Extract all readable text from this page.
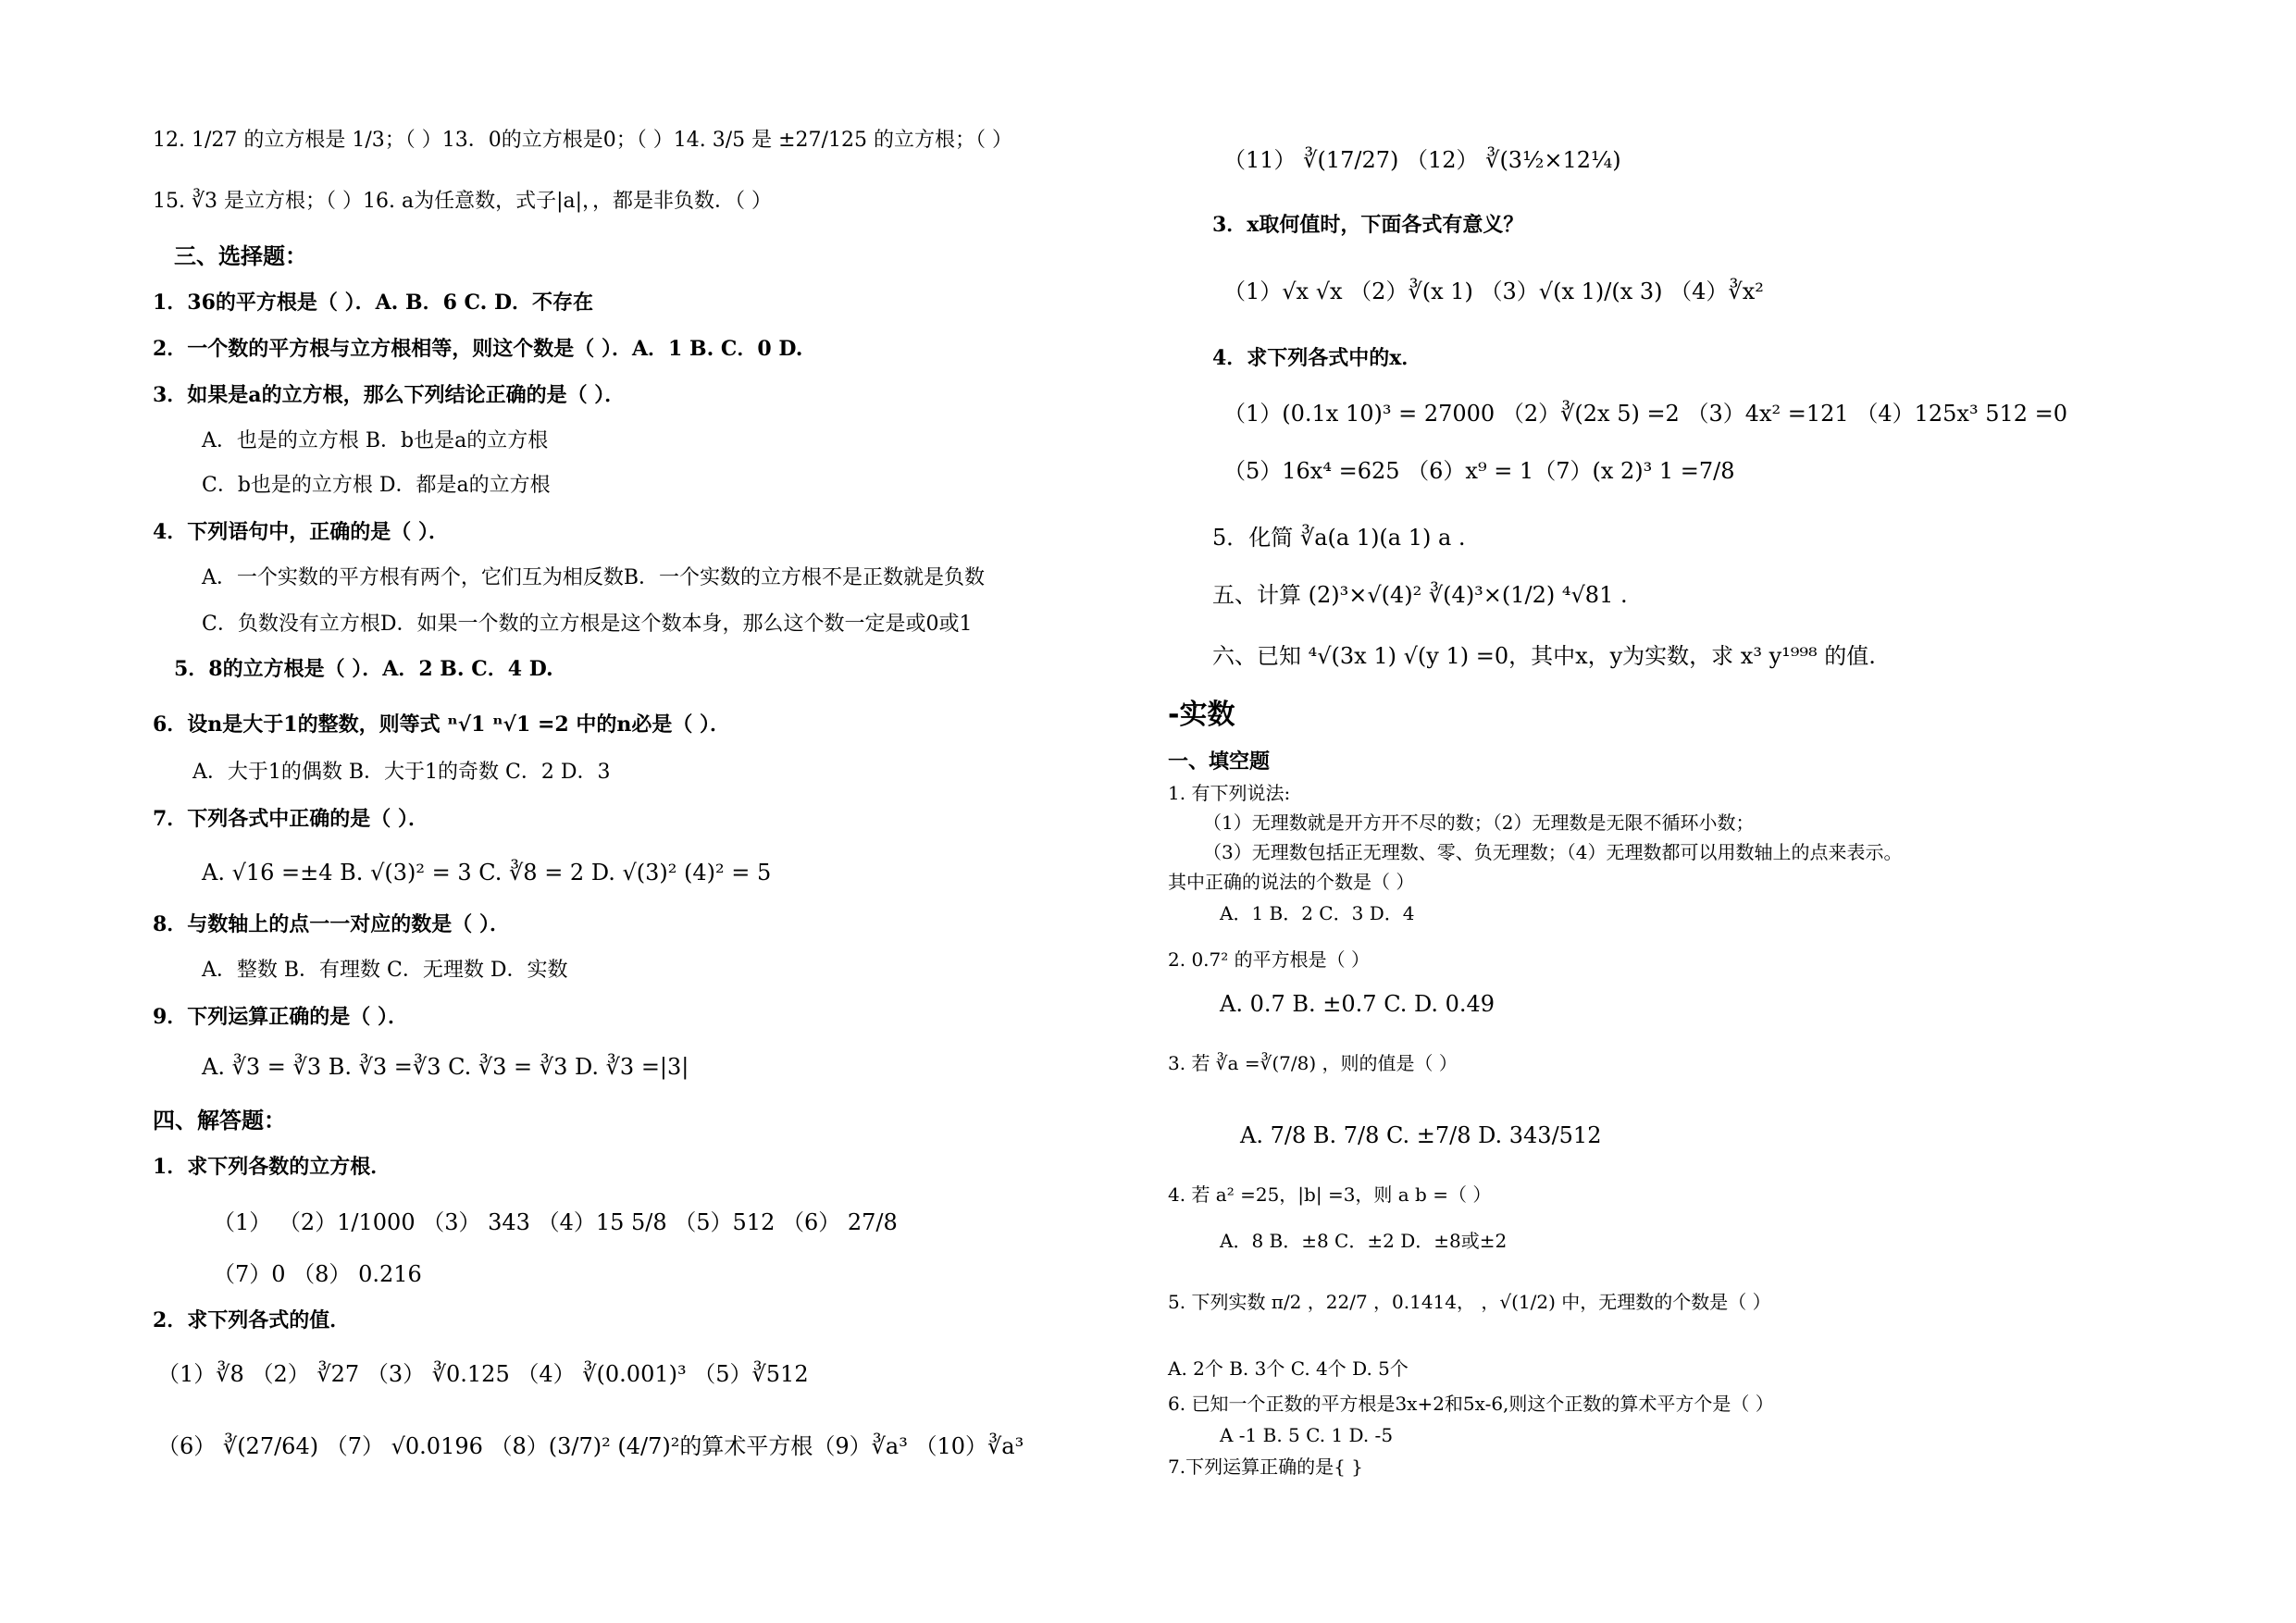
12. 1/27 的立方根是 1/3；（ ）13．0的立方根是0；（ ）14. 3/5 是 ±27/125 的立方根；（ ）
15. ∛3 是立方根；（ ）16. a为任意数，式子|a|，，都是非负数．（ ）
三、选择题：
1．36的平方根是（ ）．A. B．6 C. D．不存在
2．一个数的平方根与立方根相等，则这个数是（ ）．A．1 B. C．0 D.
3．如果是a的立方根，那么下列结论正确的是（ ）．
A．也是的立方根 B．b也是a的立方根
C．b也是的立方根 D．都是a的立方根
4．下列语句中，正确的是（ ）．
A．一个实数的平方根有两个，它们互为相反数B．一个实数的立方根不是正数就是负数
C．负数没有立方根D．如果一个数的立方根是这个数本身，那么这个数一定是或0或1
5．8的立方根是（ ）．A．2 B. C．4 D.
6．设n是大于1的整数，则等式 ⁿ√1 ⁿ√1 =2 中的n必是（ ）．
A．大于1的偶数 B．大于1的奇数 C．2 D．3
7．下列各式中正确的是（ ）．
A. √16 =±4 B. √(3)² = 3 C. ∛8 = 2 D. √(3)² (4)² = 5
8．与数轴上的点一一对应的数是（ ）．
A．整数 B．有理数 C．无理数 D．实数
9．下列运算正确的是（ ）．
A. ∛3 = ∛3 B. ∛3 =∛3 C. ∛3 = ∛3 D. ∛3 =|3|
四、解答题：
1．求下列各数的立方根．
（1） （2）1/1000 （3） 343 （4）15 5/8 （5）512 （6） 27/8
（7）0 （8） 0.216
2．求下列各式的值．
（1）∛8 （2） ∛27 （3） ∛0.125 （4） ∛(0.001)³ （5）∛512
（6） ∛(27/64) （7） √0.0196 （8）(3/7)² (4/7)²的算术平方根（9）∛a³ （10）∛a³
（11） ∛(17/27) （12） ∛(3½×12¼)
3．x取何值时，下面各式有意义？
（1）√x √x （2）∛(x 1) （3）√(x 1)/(x 3) （4）∛x²
4．求下列各式中的x．
（1）(0.1x 10)³ = 27000 （2）∛(2x 5) =2 （3）4x² =121 （4）125x³ 512 =0
（5）16x⁴ =625 （6）x⁹ = 1（7）(x 2)³ 1 =7/8
5．化简 ∛a(a 1)(a 1) a .
五、计算 (2)³×√(4)² ∛(4)³×(1/2) ⁴√81 .
六、已知 ⁴√(3x 1) √(y 1) =0，其中x，y为实数，求 x³ y¹⁹⁹⁸ 的值.
-实数
一、填空题
1. 有下列说法:
（1）无理数就是开方开不尽的数；（2）无理数是无限不循环小数；
（3）无理数包括正无理数、零、负无理数；（4）无理数都可以用数轴上的点来表示。
其中正确的说法的个数是（ ）
A．1 B．2 C．3 D．4
2. 0.7² 的平方根是（ ）
A. 0.7 B. ±0.7 C. D. 0.49
3. 若 ∛a =∛(7/8) ，则的值是（ ）
A. 7/8 B. 7/8 C. ±7/8 D. 343/512
4. 若 a² =25，|b| =3，则 a b =（ ）
A．8 B．±8 C．±2 D．±8或±2
5. 下列实数 π/2 ，22/7 ，0.1414， ，√(1/2) 中，无理数的个数是（ ）
A. 2个 B. 3个 C. 4个 D. 5个
6. 已知一个正数的平方根是3x+2和5x-6,则这个正数的算术平方个是（ ）
A -1 B. 5 C. 1 D. -5
7.下列运算正确的是{ }
